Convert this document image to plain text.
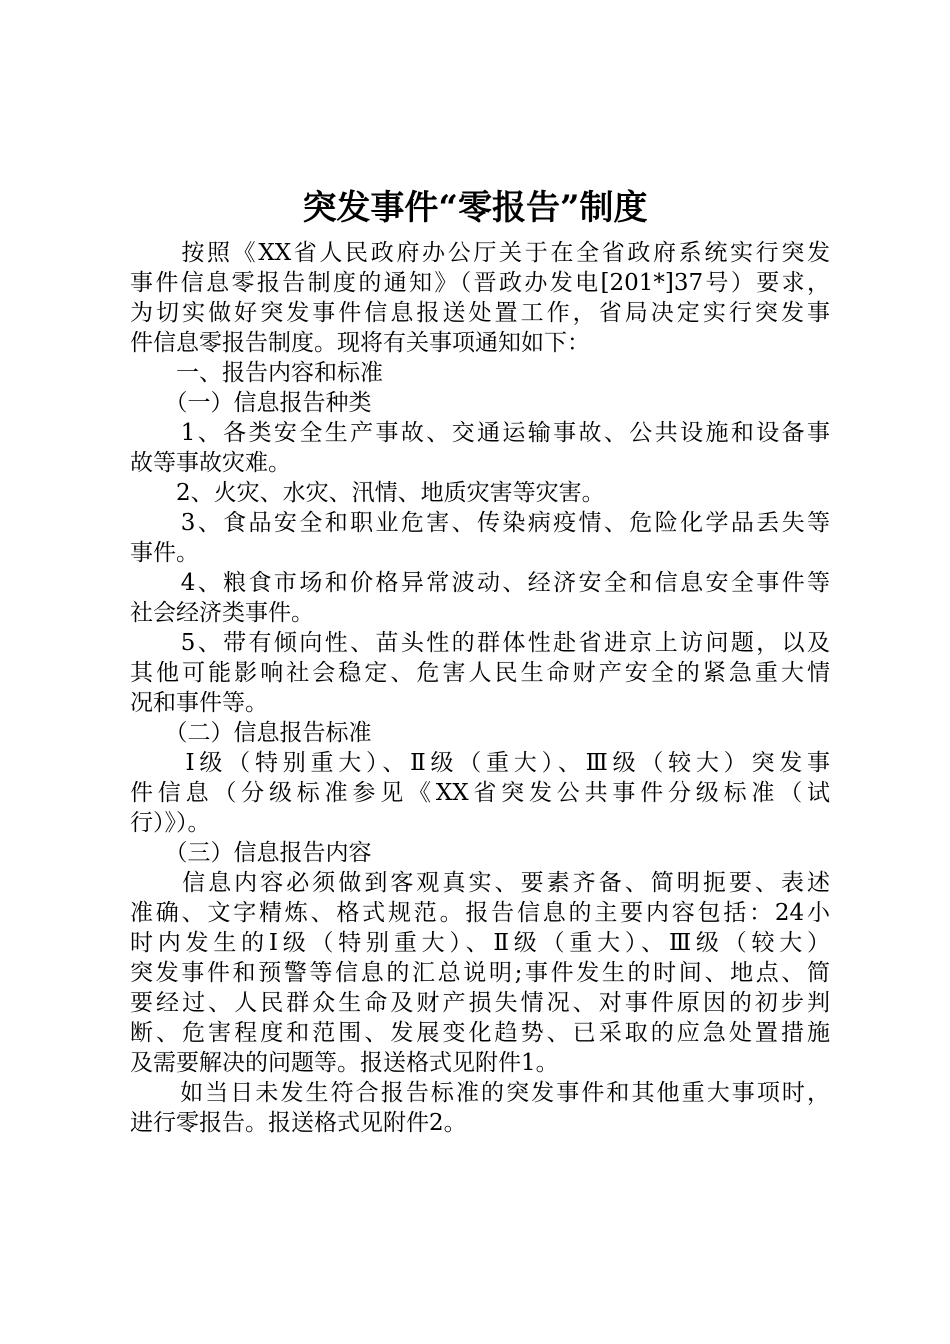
突发事件“零报告”制度
　　按照《XX省人民政府办公厅关于在全省政府系统实行突发
事件信息零报告制度的通知》（晋政办发电[201*]37号）要求，
为切实做好突发事件信息报送处置工作，省局决定实行突发事
件信息零报告制度。现将有关事项通知如下：
　　一、报告内容和标准
　　（一）信息报告种类
　　1、各类安全生产事故、交通运输事故、公共设施和设备事
故等事故灾难。
　　2、火灾、水灾、汛情、地质灾害等灾害。
　　3、食品安全和职业危害、传染病疫情、危险化学品丢失等
事件。
　　4、粮食市场和价格异常波动、经济安全和信息安全事件等
社会经济类事件。
　　5、带有倾向性、苗头性的群体性赴省进京上访问题，以及
其他可能影响社会稳定、危害人民生命财产安全的紧急重大情
况和事件等。
　　（二）信息报告标准
　　Ⅰ级（特别重大）、Ⅱ级（重大）、Ⅲ级（较大）突发事
件信息（分级标准参见《XX省突发公共事件分级标准（试
行）》）。
　　（三）信息报告内容
　　信息内容必须做到客观真实、要素齐备、简明扼要、表述
准确、文字精炼、格式规范。报告信息的主要内容包括：24小
时内发生的Ⅰ级（特别重大）、Ⅱ级（重大）、Ⅲ级（较大）
突发事件和预警等信息的汇总说明;事件发生的时间、地点、简
要经过、人民群众生命及财产损失情况、对事件原因的初步判
断、危害程度和范围、发展变化趋势、已采取的应急处置措施
及需要解决的问题等。报送格式见附件1。
　　如当日未发生符合报告标准的突发事件和其他重大事项时，
进行零报告。报送格式见附件2。
